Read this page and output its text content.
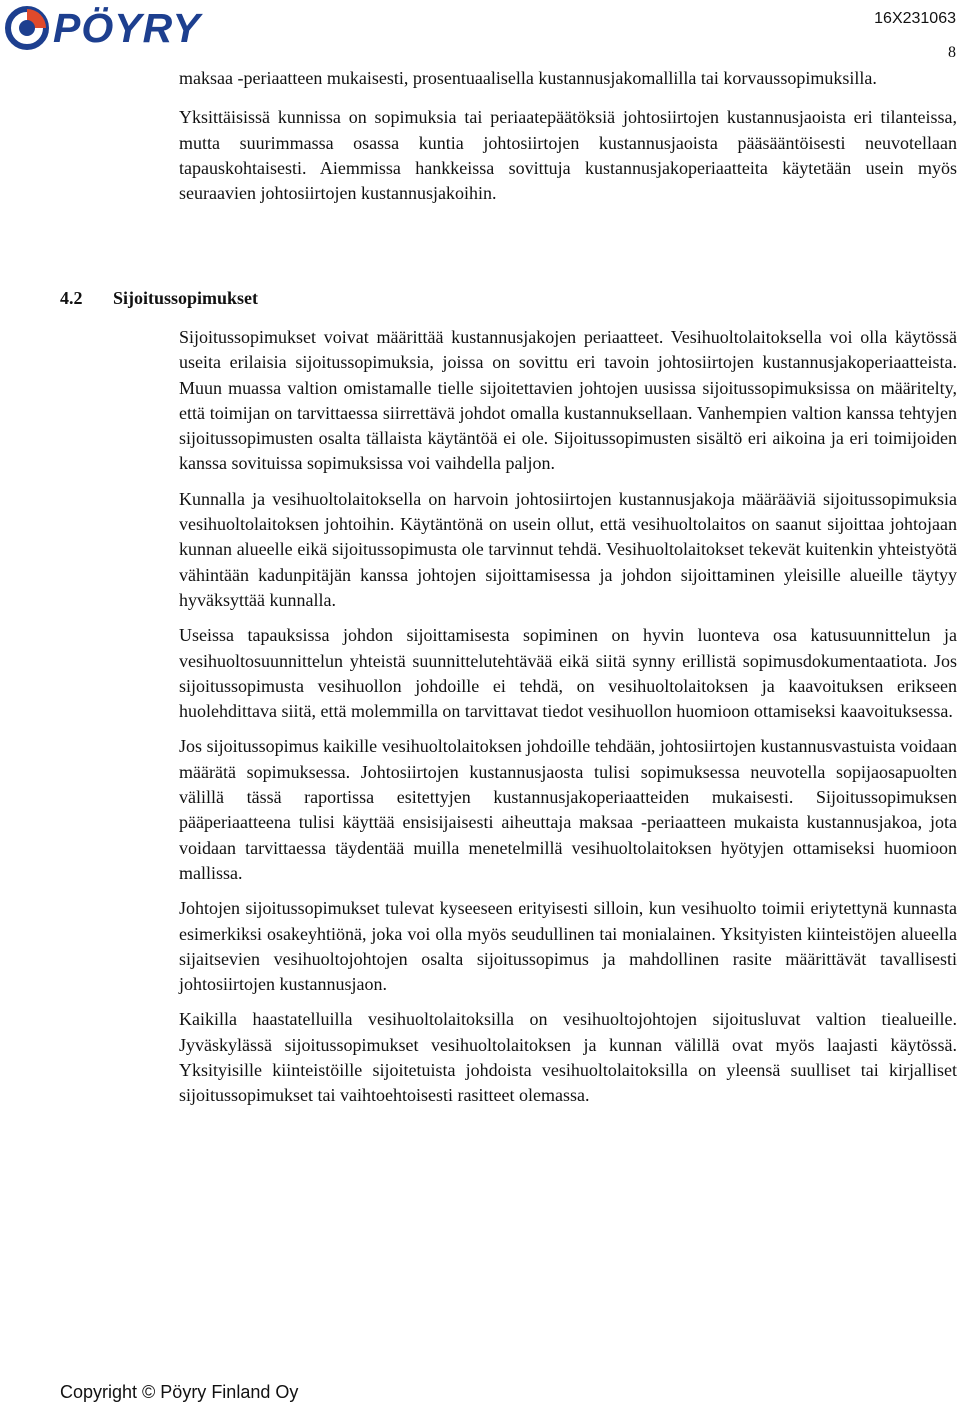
PÖYRY	16X231063
8

maksaa -periaatteen mukaisesti, prosentuaalisella kustannusjakomallilla tai korvaussopimuksilla.

Yksittäisissä kunnissa on sopimuksia tai periaatepäätöksiä johtosiirtojen kustannusjaoista eri tilanteissa, mutta suurimmassa osassa kuntia johtosiirtojen kustannusjaoista pääsääntöisesti neuvotellaan tapauskohtaisesti. Aiemmissa hankkeissa sovittuja kustannusjakoperiaatteita käytetään usein myös seuraavien johtosiirtojen kustannusjakoihin.

4.2 Sijoitussopimukset

Sijoitussopimukset voivat määrittää kustannusjakojen periaatteet. Vesihuoltolaitoksella voi olla käytössä useita erilaisia sijoitussopimuksia, joissa on sovittu eri tavoin johtosiirtojen kustannusjakoperiaatteista. Muun muassa valtion omistamalle tielle sijoitettavien johtojen uusissa sijoitussopimuksissa on määritelty, että toimijan on tarvittaessa siirrettävä johdot omalla kustannuksellaan. Vanhempien valtion kanssa tehtyjen sijoitussopimusten osalta tällaista käytäntöä ei ole. Sijoitussopimusten sisältö eri aikoina ja eri toimijoiden kanssa sovituissa sopimuksissa voi vaihdella paljon.

Kunnalla ja vesihuoltolaitoksella on harvoin johtosiirtojen kustannusjakoja määrääviä sijoitussopimuksia vesihuoltolaitoksen johtoihin. Käytäntönä on usein ollut, että vesihuoltolaitos on saanut sijoittaa johtojaan kunnan alueelle eikä sijoitussopimusta ole tarvinnut tehdä. Vesihuoltolaitokset tekevät kuitenkin yhteistyötä vähintään kadunpitäjän kanssa johtojen sijoittamisessa ja johdon sijoittaminen yleisille alueille täytyy hyväksyttää kunnalla.

Useissa tapauksissa johdon sijoittamisesta sopiminen on hyvin luonteva osa katusuunnittelun ja vesihuoltosuunnittelun yhteistä suunnittelutehtävää eikä siitä synny erillistä sopimusdokumentaatiota. Jos sijoitussopimusta vesihuollon johdoille ei tehdä, on vesihuoltolaitoksen ja kaavoituksen erikseen huolehdittava siitä, että molemmilla on tarvittavat tiedot vesihuollon huomioon ottamiseksi kaavoituksessa.

Jos sijoitussopimus kaikille vesihuoltolaitoksen johdoille tehdään, johtosiirtojen kustannusvastuista voidaan määrätä sopimuksessa. Johtosiirtojen kustannusjaosta tulisi sopimuksessa neuvotella sopijaosapuolten välillä tässä raportissa esitettyjen kustannusjakoperiaatteiden mukaisesti. Sijoitussopimuksen pääperiaatteena tulisi käyttää ensisijaisesti aiheuttaja maksaa -periaatteen mukaista kustannusjakoa, jota voidaan tarvittaessa täydentää muilla menetelmillä vesihuoltolaitoksen hyötyjen ottamiseksi huomioon mallissa.

Johtojen sijoitussopimukset tulevat kyseeseen erityisesti silloin, kun vesihuolto toimii eriytettynä kunnasta esimerkiksi osakeyhtiönä, joka voi olla myös seudullinen tai monialainen. Yksityisten kiinteistöjen alueella sijaitsevien vesihuoltojohtojen osalta sijoitussopimus ja mahdollinen rasite määrittävät tavallisesti johtosiirtojen kustannusjaon.

Kaikilla haastatelluilla vesihuoltolaitoksilla on vesihuoltojohtojen sijoitusluvat valtion tiealueille. Jyväskylässä sijoitussopimukset vesihuoltolaitoksen ja kunnan välillä ovat myös laajasti käytössä. Yksityisille kiinteistöille sijoitetuista johdoista vesihuoltolaitoksilla on yleensä suulliset tai kirjalliset sijoitussopimukset tai vaihtoehtoisesti rasitteet olemassa.

Copyright © Pöyry Finland Oy
